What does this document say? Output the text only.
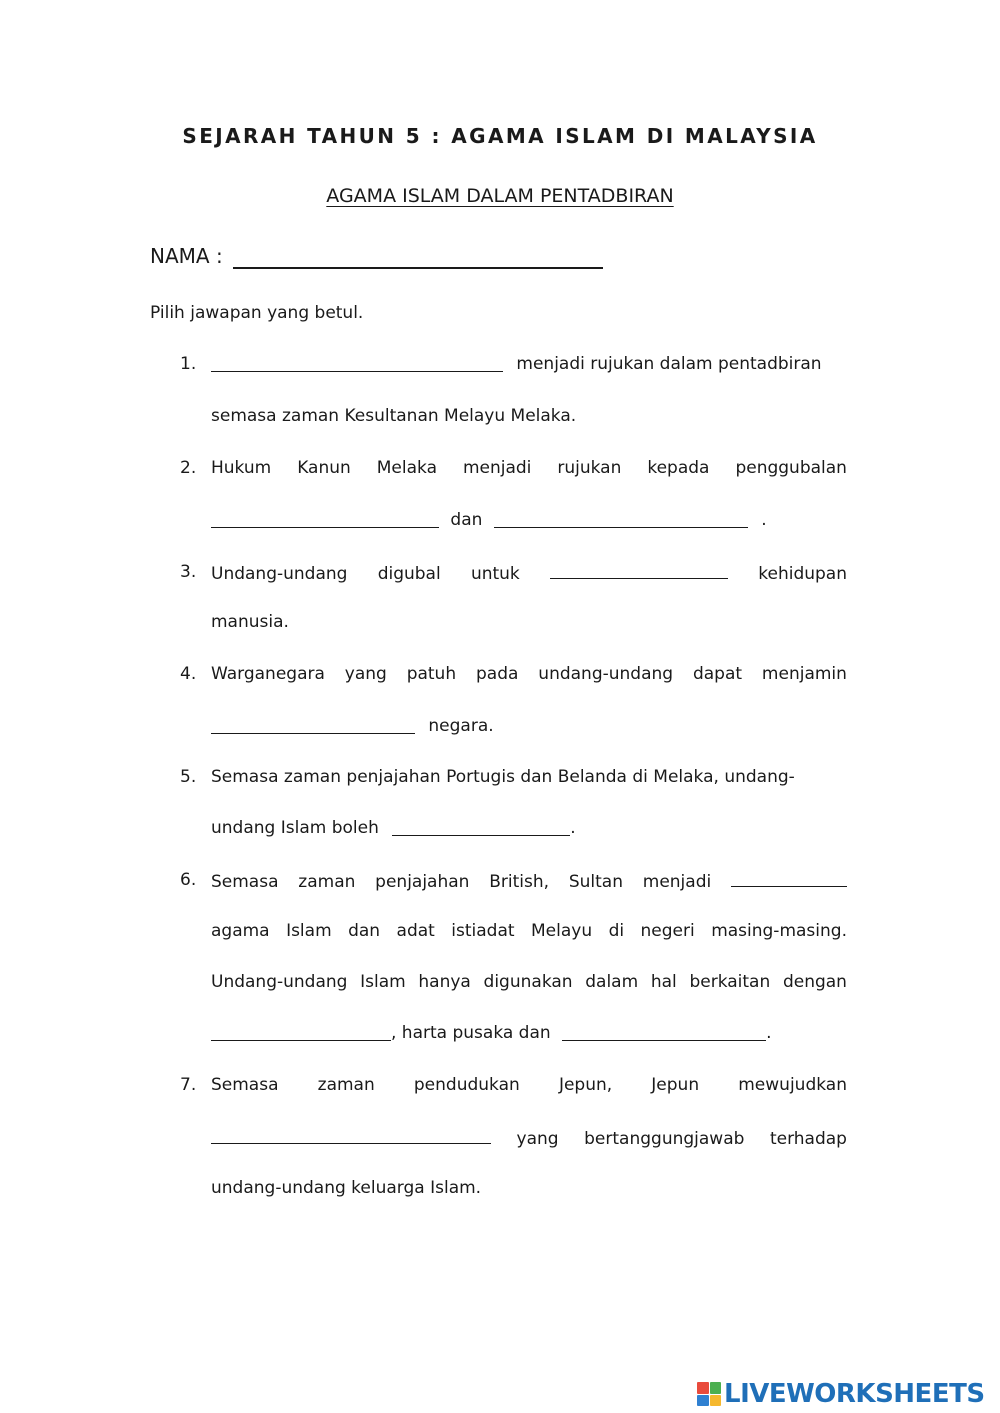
SEJARAH TAHUN 5 : AGAMA ISLAM DI MALAYSIA
AGAMA ISLAM DALAM PENTADBIRAN
NAMA :
Pilih jawapan yang betul.
1.	menjadi rujukan dalam pentadbiran
semasa zaman Kesultanan Melayu Melaka.
2. Hukum Kanun Melaka menjadi rujukan kepada penggubalan
dan	.
3. Undang-undang digubal untuk	kehidupan
manusia.
4. Warganegara yang patuh pada undang-undang dapat menjamin
negara.
5. Semasa zaman penjajahan Portugis dan Belanda di Melaka, undang-
undang Islam boleh	.
6. Semasa zaman penjajahan British, Sultan menjadi
agama Islam dan adat istiadat Melayu di negeri masing-masing.
Undang-undang Islam hanya digunakan dalam hal berkaitan dengan
, harta pusaka dan	.
7. Semasa zaman pendudukan Jepun, Jepun mewujudkan
yang bertanggungjawab terhadap
undang-undang keluarga Islam.
LIVEWORKSHEETS
